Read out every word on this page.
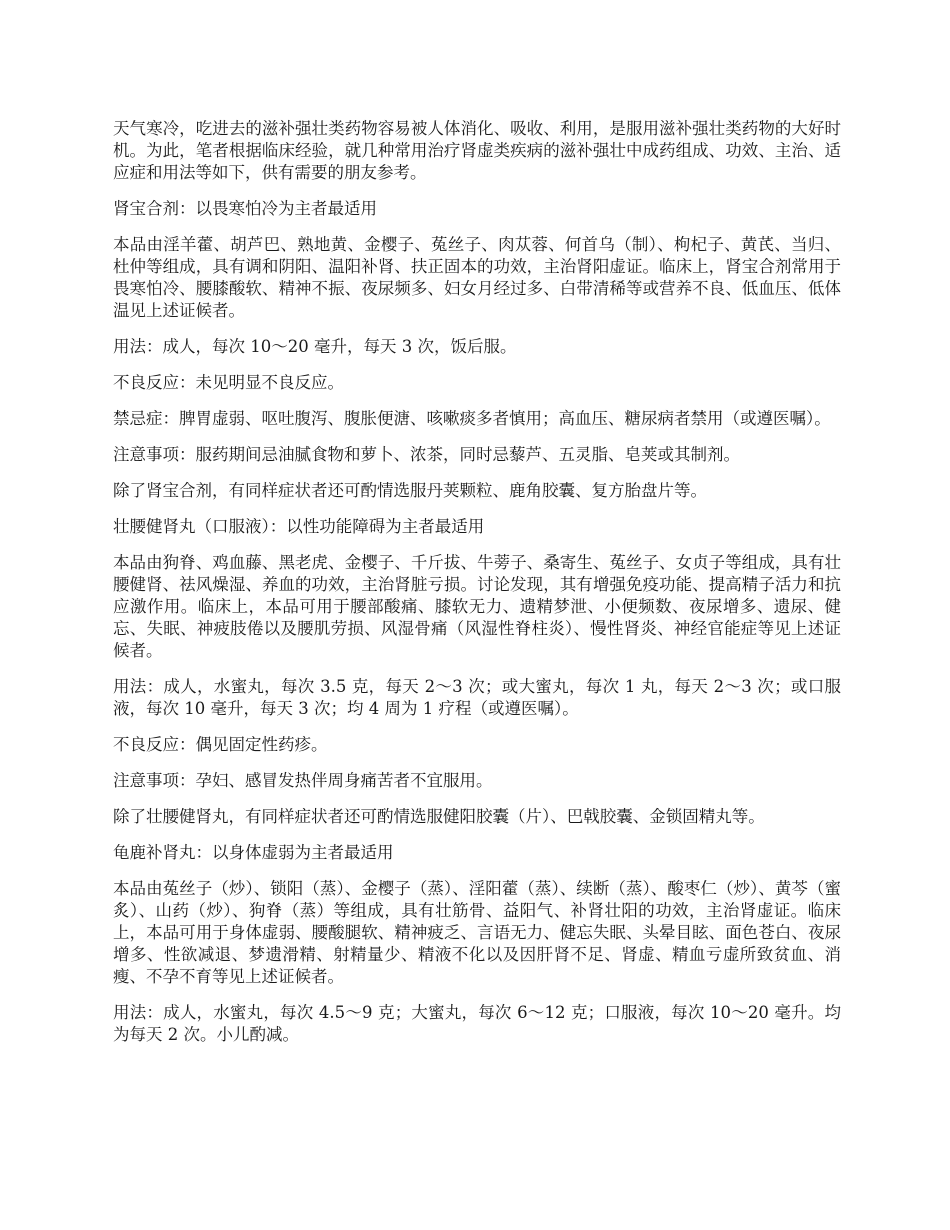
天气寒冷，吃进去的滋补强壮类药物容易被人体消化、吸收、利用，是服用滋补强壮类药物的大好时机。为此，笔者根据临床经验，就几种常用治疗肾虚类疾病的滋补强壮中成药组成、功效、主治、适应症和用法等如下，供有需要的朋友参考。

肾宝合剂：以畏寒怕冷为主者最适用

本品由淫羊藿、胡芦巴、熟地黄、金樱子、菟丝子、肉苁蓉、何首乌（制）、枸杞子、黄芪、当归、杜仲等组成，具有调和阴阳、温阳补肾、扶正固本的功效，主治肾阳虚证。临床上，肾宝合剂常用于畏寒怕冷、腰膝酸软、精神不振、夜尿频多、妇女月经过多、白带清稀等或营养不良、低血压、低体温见上述证候者。

用法：成人，每次 10～20 毫升，每天 3 次，饭后服。

不良反应：未见明显不良反应。

禁忌症：脾胃虚弱、呕吐腹泻、腹胀便溏、咳嗽痰多者慎用；高血压、糖尿病者禁用（或遵医嘱）。

注意事项：服药期间忌油腻食物和萝卜、浓茶，同时忌藜芦、五灵脂、皂荚或其制剂。

除了肾宝合剂，有同样症状者还可酌情选服丹荚颗粒、鹿角胶囊、复方胎盘片等。

壮腰健肾丸（口服液）：以性功能障碍为主者最适用

本品由狗脊、鸡血藤、黑老虎、金樱子、千斤拔、牛蒡子、桑寄生、菟丝子、女贞子等组成，具有壮腰健肾、祛风燥湿、养血的功效，主治肾脏亏损。讨论发现，其有增强免疫功能、提高精子活力和抗应激作用。临床上，本品可用于腰部酸痛、膝软无力、遗精梦泄、小便频数、夜尿增多、遗尿、健忘、失眠、神疲肢倦以及腰肌劳损、风湿骨痛（风湿性脊柱炎）、慢性肾炎、神经官能症等见上述证候者。

用法：成人，水蜜丸，每次 3.5 克，每天 2～3 次；或大蜜丸，每次 1 丸，每天 2～3 次；或口服液，每次 10 毫升，每天 3 次；均 4 周为 1 疗程（或遵医嘱）。

不良反应：偶见固定性药疹。

注意事项：孕妇、感冒发热伴周身痛苦者不宜服用。

除了壮腰健肾丸，有同样症状者还可酌情选服健阳胶囊（片）、巴戟胶囊、金锁固精丸等。

龟鹿补肾丸：以身体虚弱为主者最适用

本品由菟丝子（炒）、锁阳（蒸）、金樱子（蒸）、淫阳藿（蒸）、续断（蒸）、酸枣仁（炒）、黄芩（蜜炙）、山药（炒）、狗脊（蒸）等组成，具有壮筋骨、益阳气、补肾壮阳的功效，主治肾虚证。临床上，本品可用于身体虚弱、腰酸腿软、精神疲乏、言语无力、健忘失眠、头晕目眩、面色苍白、夜尿增多、性欲减退、梦遗滑精、射精量少、精液不化以及因肝肾不足、肾虚、精血亏虚所致贫血、消瘦、不孕不育等见上述证候者。

用法：成人，水蜜丸，每次 4.5～9 克；大蜜丸，每次 6～12 克；口服液，每次 10～20 毫升。均为每天 2 次。小儿酌减。
